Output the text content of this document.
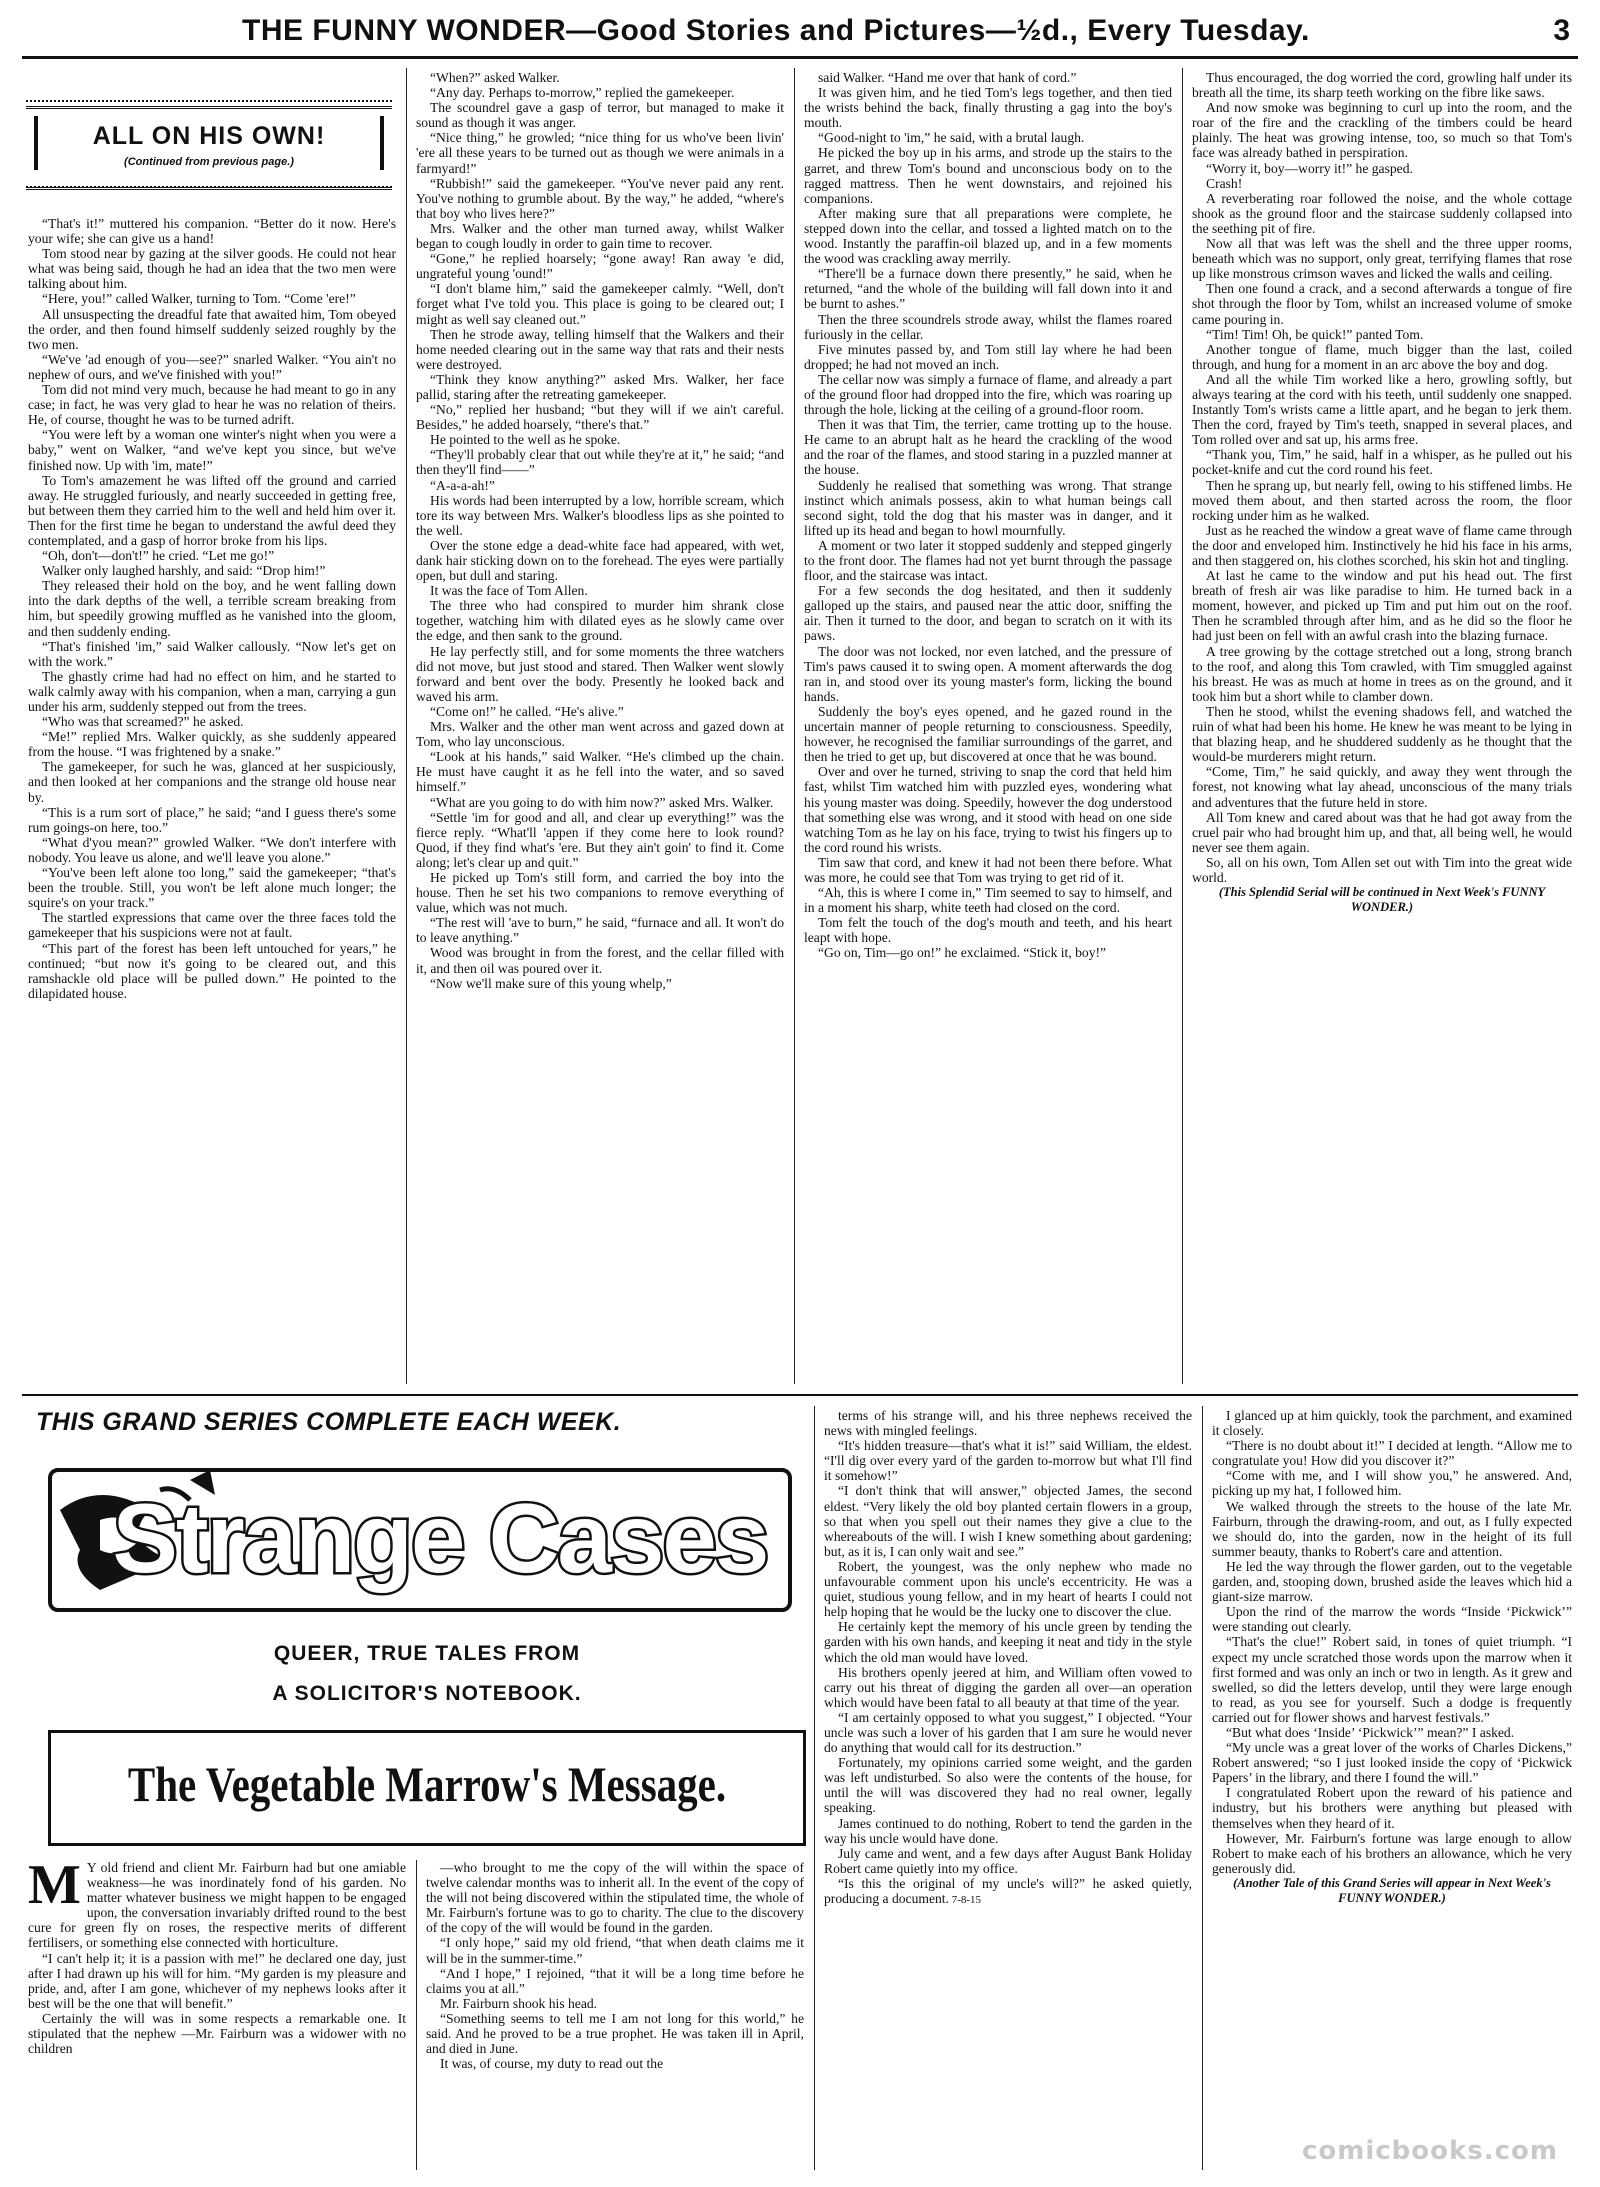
THE FUNNY WONDER—Good Stories and Pictures—½d., Every Tuesday.	3
ALL ON HIS OWN!
(Continued from previous page.)

“That's it!” muttered his companion. “Better do it now. Here's your wife; she can give us a hand!

Tom stood near by gazing at the silver goods. He could not hear what was being said, though he had an idea that the two men were talking about him.

“Here, you!” called Walker, turning to Tom. “Come 'ere!”

All unsuspecting the dreadful fate that awaited him, Tom obeyed the order, and then found himself suddenly seized roughly by the two men.

“We've 'ad enough of you—see?” snarled Walker. “You ain't no nephew of ours, and we've finished with you!”

Tom did not mind very much, because he had meant to go in any case; in fact, he was very glad to hear he was no relation of theirs. He, of course, thought he was to be turned adrift.

“You were left by a woman one winter's night when you were a baby,” went on Walker, “and we've kept you since, but we've finished now. Up with 'im, mate!”

To Tom's amazement he was lifted off the ground and carried away. He struggled furiously, and nearly succeeded in getting free, but between them they carried him to the well and held him over it. Then for the first time he began to understand the awful deed they contemplated, and a gasp of horror broke from his lips.

“Oh, don't—don't!” he cried. “Let me go!”

Walker only laughed harshly, and said: “Drop him!”

They released their hold on the boy, and he went falling down into the dark depths of the well, a terrible scream breaking from him, but speedily growing muffled as he vanished into the gloom, and then suddenly ending.

“That's finished 'im,” said Walker callously. “Now let's get on with the work.”

The ghastly crime had had no effect on him, and he started to walk calmly away with his companion, when a man, carrying a gun under his arm, suddenly stepped out from the trees.

“Who was that screamed?” he asked.

“Me!” replied Mrs. Walker quickly, as she suddenly appeared from the house. “I was frightened by a snake.”

The gamekeeper, for such he was, glanced at her suspiciously, and then looked at her companions and the strange old house near by.

“This is a rum sort of place,” he said; “and I guess there's some rum goings-on here, too.”

“What d'you mean?” growled Walker. “We don't interfere with nobody. You leave us alone, and we'll leave you alone.”

“You've been left alone too long,” said the gamekeeper; “that's been the trouble. Still, you won't be left alone much longer; the squire's on your track.”

The startled expressions that came over the three faces told the gamekeeper that his suspicions were not at fault.

“This part of the forest has been left untouched for years,” he continued; “but now it's going to be cleared out, and this ramshackle old place will be pulled down.” He pointed to the dilapidated house.

“When?” asked Walker.

“Any day. Perhaps to-morrow,” replied the gamekeeper.

The scoundrel gave a gasp of terror, but managed to make it sound as though it was anger.

“Nice thing,” he growled; “nice thing for us who've been livin' 'ere all these years to be turned out as though we were animals in a farmyard!”

“Rubbish!” said the gamekeeper. “You've never paid any rent. You've nothing to grumble about. By the way,” he added, “where's that boy who lives here?”

Mrs. Walker and the other man turned away, whilst Walker began to cough loudly in order to gain time to recover.

“Gone,” he replied hoarsely; “gone away! Ran away 'e did, ungrateful young 'ound!”

“I don't blame him,” said the gamekeeper calmly. “Well, don't forget what I've told you. This place is going to be cleared out; I might as well say cleaned out.”

Then he strode away, telling himself that the Walkers and their home needed clearing out in the same way that rats and their nests were destroyed.

“Think they know anything?” asked Mrs. Walker, her face pallid, staring after the retreating gamekeeper.

“No,” replied her husband; “but they will if we ain't careful. Besides,” he added hoarsely, “there's that.”

He pointed to the well as he spoke.

“They'll probably clear that out while they're at it,” he said; “and then they'll find——”

“A-a-a-ah!”

His words had been interrupted by a low, horrible scream, which tore its way between Mrs. Walker's bloodless lips as she pointed to the well.

Over the stone edge a dead-white face had appeared, with wet, dank hair sticking down on to the forehead. The eyes were partially open, but dull and staring.

It was the face of Tom Allen.

The three who had conspired to murder him shrank close together, watching him with dilated eyes as he slowly came over the edge, and then sank to the ground.

He lay perfectly still, and for some moments the three watchers did not move, but just stood and stared. Then Walker went slowly forward and bent over the body. Presently he looked back and waved his arm.

“Come on!” he called. “He's alive.”

Mrs. Walker and the other man went across and gazed down at Tom, who lay unconscious.

“Look at his hands,” said Walker. “He's climbed up the chain. He must have caught it as he fell into the water, and so saved himself.”

“What are you going to do with him now?” asked Mrs. Walker.

“Settle 'im for good and all, and clear up everything!” was the fierce reply. “What'll 'appen if they come here to look round? Quod, if they find what's 'ere. But they ain't goin' to find it. Come along; let's clear up and quit.”

He picked up Tom's still form, and carried the boy into the house. Then he set his two companions to remove everything of value, which was not much.

“The rest will 'ave to burn,” he said, “furnace and all. It won't do to leave anything.”

Wood was brought in from the forest, and the cellar filled with it, and then oil was poured over it.

“Now we'll make sure of this young whelp,”

said Walker. “Hand me over that hank of cord.”

It was given him, and he tied Tom's legs together, and then tied the wrists behind the back, finally thrusting a gag into the boy's mouth.

“Good-night to 'im,” he said, with a brutal laugh.

He picked the boy up in his arms, and strode up the stairs to the garret, and threw Tom's bound and unconscious body on to the ragged mattress. Then he went downstairs, and rejoined his companions.

After making sure that all preparations were complete, he stepped down into the cellar, and tossed a lighted match on to the wood. Instantly the paraffin-oil blazed up, and in a few moments the wood was crackling away merrily.

“There'll be a furnace down there presently,” he said, when he returned, “and the whole of the building will fall down into it and be burnt to ashes.”

Then the three scoundrels strode away, whilst the flames roared furiously in the cellar.

Five minutes passed by, and Tom still lay where he had been dropped; he had not moved an inch.

The cellar now was simply a furnace of flame, and already a part of the ground floor had dropped into the fire, which was roaring up through the hole, licking at the ceiling of a ground-floor room.

Then it was that Tim, the terrier, came trotting up to the house. He came to an abrupt halt as he heard the crackling of the wood and the roar of the flames, and stood staring in a puzzled manner at the house.

Suddenly he realised that something was wrong. That strange instinct which animals possess, akin to what human beings call second sight, told the dog that his master was in danger, and it lifted up its head and began to howl mournfully.

A moment or two later it stopped suddenly and stepped gingerly to the front door. The flames had not yet burnt through the passage floor, and the staircase was intact.

For a few seconds the dog hesitated, and then it suddenly galloped up the stairs, and paused near the attic door, sniffing the air. Then it turned to the door, and began to scratch on it with its paws.

The door was not locked, nor even latched, and the pressure of Tim's paws caused it to swing open. A moment afterwards the dog ran in, and stood over its young master's form, licking the bound hands.

Suddenly the boy's eyes opened, and he gazed round in the uncertain manner of people returning to consciousness. Speedily, however, he recognised the familiar surroundings of the garret, and then he tried to get up, but discovered at once that he was bound.

Over and over he turned, striving to snap the cord that held him fast, whilst Tim watched him with puzzled eyes, wondering what his young master was doing. Speedily, however the dog understood that something else was wrong, and it stood with head on one side watching Tom as he lay on his face, trying to twist his fingers up to the cord round his wrists.

Tim saw that cord, and knew it had not been there before. What was more, he could see that Tom was trying to get rid of it.

“Ah, this is where I come in,” Tim seemed to say to himself, and in a moment his sharp, white teeth had closed on the cord.

Tom felt the touch of the dog's mouth and teeth, and his heart leapt with hope.

“Go on, Tim—go on!” he exclaimed. “Stick it, boy!”

Thus encouraged, the dog worried the cord, growling half under its breath all the time, its sharp teeth working on the fibre like saws.

And now smoke was beginning to curl up into the room, and the roar of the fire and the crackling of the timbers could be heard plainly. The heat was growing intense, too, so much so that Tom's face was already bathed in perspiration.

“Worry it, boy—worry it!” he gasped.

Crash!

A reverberating roar followed the noise, and the whole cottage shook as the ground floor and the staircase suddenly collapsed into the seething pit of fire.

Now all that was left was the shell and the three upper rooms, beneath which was no support, only great, terrifying flames that rose up like monstrous crimson waves and licked the walls and ceiling.

Then one found a crack, and a second afterwards a tongue of fire shot through the floor by Tom, whilst an increased volume of smoke came pouring in.

“Tim! Tim! Oh, be quick!” panted Tom.

Another tongue of flame, much bigger than the last, coiled through, and hung for a moment in an arc above the boy and dog.

And all the while Tim worked like a hero, growling softly, but always tearing at the cord with his teeth, until suddenly one snapped. Instantly Tom's wrists came a little apart, and he began to jerk them. Then the cord, frayed by Tim's teeth, snapped in several places, and Tom rolled over and sat up, his arms free.

“Thank you, Tim,” he said, half in a whisper, as he pulled out his pocket-knife and cut the cord round his feet.

Then he sprang up, but nearly fell, owing to his stiffened limbs. He moved them about, and then started across the room, the floor rocking under him as he walked.

Just as he reached the window a great wave of flame came through the door and enveloped him. Instinctively he hid his face in his arms, and then staggered on, his clothes scorched, his skin hot and tingling.

At last he came to the window and put his head out. The first breath of fresh air was like paradise to him. He turned back in a moment, however, and picked up Tim and put him out on the roof. Then he scrambled through after him, and as he did so the floor he had just been on fell with an awful crash into the blazing furnace.

A tree growing by the cottage stretched out a long, strong branch to the roof, and along this Tom crawled, with Tim smuggled against his breast. He was as much at home in trees as on the ground, and it took him but a short while to clamber down.

Then he stood, whilst the evening shadows fell, and watched the ruin of what had been his home. He knew he was meant to be lying in that blazing heap, and he shuddered suddenly as he thought that the would-be murderers might return.

“Come, Tim,” he said quickly, and away they went through the forest, not knowing what lay ahead, unconscious of the many trials and adventures that the future held in store.

All Tom knew and cared about was that he had got away from the cruel pair who had brought him up, and that, all being well, he would never see them again.

So, all on his own, Tom Allen set out with Tim into the great wide world.

(This Splendid Serial will be continued in Next Week's FUNNY WONDER.)

THIS GRAND SERIES COMPLETE EACH WEEK.
Strange Cases
QUEER, TRUE TALES FROM
A SOLICITOR'S NOTEBOOK.
The Vegetable Marrow's Message.

M Y old friend and client Mr. Fairburn had but one amiable weakness—he was inordinately fond of his garden. No matter whatever business we might happen to be engaged upon, the conversation invariably drifted round to the best cure for green fly on roses, the respective merits of different fertilisers, or something else connected with horticulture.

“I can't help it; it is a passion with me!” he declared one day, just after I had drawn up his will for him. “My garden is my pleasure and pride, and, after I am gone, whichever of my nephews looks after it best will be the one that will benefit.”

Certainly the will was in some respects a remarkable one. It stipulated that the nephew —Mr. Fairburn was a widower with no children

—who brought to me the copy of the will within the space of twelve calendar months was to inherit all. In the event of the copy of the will not being discovered within the stipulated time, the whole of Mr. Fairburn's fortune was to go to charity. The clue to the discovery of the copy of the will would be found in the garden.

“I only hope,” said my old friend, “that when death claims me it will be in the summer-time.”

“And I hope,” I rejoined, “that it will be a long time before he claims you at all.”

Mr. Fairburn shook his head.

“Something seems to tell me I am not long for this world,” he said. And he proved to be a true prophet. He was taken ill in April, and died in June.

It was, of course, my duty to read out the

terms of his strange will, and his three nephews received the news with mingled feelings.

“It's hidden treasure—that's what it is!” said William, the eldest. “I'll dig over every yard of the garden to-morrow but what I'll find it somehow!”

“I don't think that will answer,” objected James, the second eldest. “Very likely the old boy planted certain flowers in a group, so that when you spell out their names they give a clue to the whereabouts of the will. I wish I knew something about gardening; but, as it is, I can only wait and see.”

Robert, the youngest, was the only nephew who made no unfavourable comment upon his uncle's eccentricity. He was a quiet, studious young fellow, and in my heart of hearts I could not help hoping that he would be the lucky one to discover the clue.

He certainly kept the memory of his uncle green by tending the garden with his own hands, and keeping it neat and tidy in the style which the old man would have loved.

His brothers openly jeered at him, and William often vowed to carry out his threat of digging the garden all over—an operation which would have been fatal to all beauty at that time of the year.

“I am certainly opposed to what you suggest,” I objected. “Your uncle was such a lover of his garden that I am sure he would never do anything that would call for its destruction.”

Fortunately, my opinions carried some weight, and the garden was left undisturbed. So also were the contents of the house, for until the will was discovered they had no real owner, legally speaking.

James continued to do nothing, Robert to tend the garden in the way his uncle would have done.

July came and went, and a few days after August Bank Holiday Robert came quietly into my office.

“Is this the original of my uncle's will?” he asked quietly, producing a document. 7-8-15

I glanced up at him quickly, took the parchment, and examined it closely.

“There is no doubt about it!” I decided at length. “Allow me to congratulate you! How did you discover it?”

“Come with me, and I will show you,” he answered. And, picking up my hat, I followed him.

We walked through the streets to the house of the late Mr. Fairburn, through the drawing-room, and out, as I fully expected we should do, into the garden, now in the height of its full summer beauty, thanks to Robert's care and attention.

He led the way through the flower garden, out to the vegetable garden, and, stooping down, brushed aside the leaves which hid a giant-size marrow.

Upon the rind of the marrow the words “Inside ‘Pickwick’” were standing out clearly.

“That's the clue!” Robert said, in tones of quiet triumph. “I expect my uncle scratched those words upon the marrow when it first formed and was only an inch or two in length. As it grew and swelled, so did the letters develop, until they were large enough to read, as you see for yourself. Such a dodge is frequently carried out for flower shows and harvest festivals.”

“But what does ‘Inside’ ‘Pickwick’” mean?” I asked.

“My uncle was a great lover of the works of Charles Dickens,” Robert answered; “so I just looked inside the copy of ‘Pickwick Papers’ in the library, and there I found the will.”

I congratulated Robert upon the reward of his patience and industry, but his brothers were anything but pleased with themselves when they heard of it.

However, Mr. Fairburn's fortune was large enough to allow Robert to make each of his brothers an allowance, which he very generously did.

(Another Tale of this Grand Series will appear in Next Week's FUNNY WONDER.)

comicbooks.com
